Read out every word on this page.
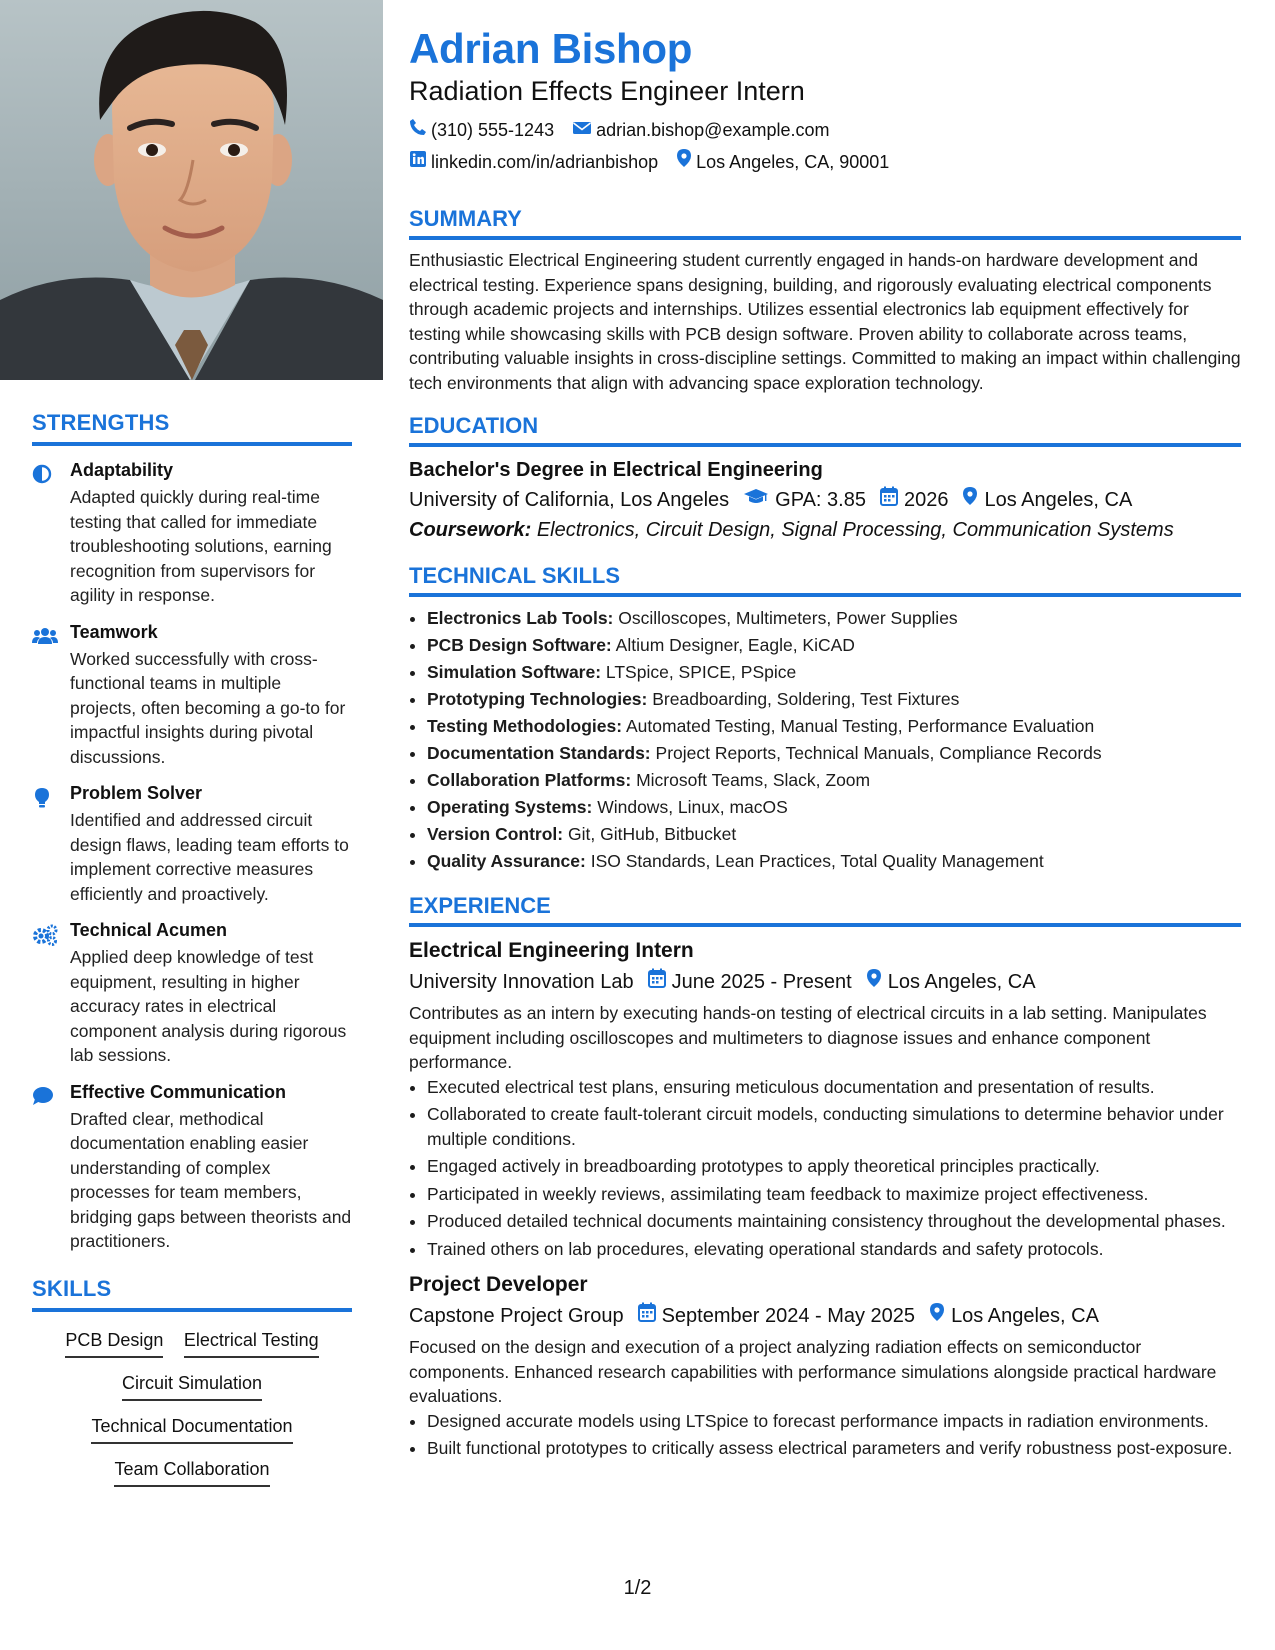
STRENGTHS
Adaptability
Adapted quickly during real-time testing that called for immediate troubleshooting solutions, earning recognition from supervisors for agility in response.
Teamwork
Worked successfully with cross-functional teams in multiple projects, often becoming a go-to for impactful insights during pivotal discussions.
Problem Solver
Identified and addressed circuit design flaws, leading team efforts to implement corrective measures efficiently and proactively.
Technical Acumen
Applied deep knowledge of test equipment, resulting in higher accuracy rates in electrical component analysis during rigorous lab sessions.
Effective Communication
Drafted clear, methodical documentation enabling easier understanding of complex processes for team members, bridging gaps between theorists and practitioners.
SKILLS
PCB Design Electrical Testing
Circuit Simulation
Technical Documentation
Team Collaboration
Adrian Bishop
Radiation Effects Engineer Intern
(310) 555-1243 adrian.bishop@example.com
linkedin.com/in/adrianbishop Los Angeles, CA, 90001
SUMMARY
Enthusiastic Electrical Engineering student currently engaged in hands-on hardware development and electrical testing. Experience spans designing, building, and rigorously evaluating electrical components through academic projects and internships. Utilizes essential electronics lab equipment effectively for testing while showcasing skills with PCB design software. Proven ability to collaborate across teams, contributing valuable insights in cross-discipline settings. Committed to making an impact within challenging tech environments that align with advancing space exploration technology.
EDUCATION
Bachelor's Degree in Electrical Engineering
University of California, Los Angeles GPA: 3.85 2026 Los Angeles, CA
Coursework: Electronics, Circuit Design, Signal Processing, Communication Systems
TECHNICAL SKILLS
• Electronics Lab Tools: Oscilloscopes, Multimeters, Power Supplies
• PCB Design Software: Altium Designer, Eagle, KiCAD
• Simulation Software: LTSpice, SPICE, PSpice
• Prototyping Technologies: Breadboarding, Soldering, Test Fixtures
• Testing Methodologies: Automated Testing, Manual Testing, Performance Evaluation
• Documentation Standards: Project Reports, Technical Manuals, Compliance Records
• Collaboration Platforms: Microsoft Teams, Slack, Zoom
• Operating Systems: Windows, Linux, macOS
• Version Control: Git, GitHub, Bitbucket
• Quality Assurance: ISO Standards, Lean Practices, Total Quality Management
EXPERIENCE
Electrical Engineering Intern
University Innovation Lab June 2025 - Present Los Angeles, CA
Contributes as an intern by executing hands-on testing of electrical circuits in a lab setting. Manipulates equipment including oscilloscopes and multimeters to diagnose issues and enhance component performance.
• Executed electrical test plans, ensuring meticulous documentation and presentation of results.
• Collaborated to create fault-tolerant circuit models, conducting simulations to determine behavior under multiple conditions.
• Engaged actively in breadboarding prototypes to apply theoretical principles practically.
• Participated in weekly reviews, assimilating team feedback to maximize project effectiveness.
• Produced detailed technical documents maintaining consistency throughout the developmental phases.
• Trained others on lab procedures, elevating operational standards and safety protocols.
Project Developer
Capstone Project Group September 2024 - May 2025 Los Angeles, CA
Focused on the design and execution of a project analyzing radiation effects on semiconductor components. Enhanced research capabilities with performance simulations alongside practical hardware evaluations.
• Designed accurate models using LTSpice to forecast performance impacts in radiation environments.
• Built functional prototypes to critically assess electrical parameters and verify robustness post-exposure.
1/2
